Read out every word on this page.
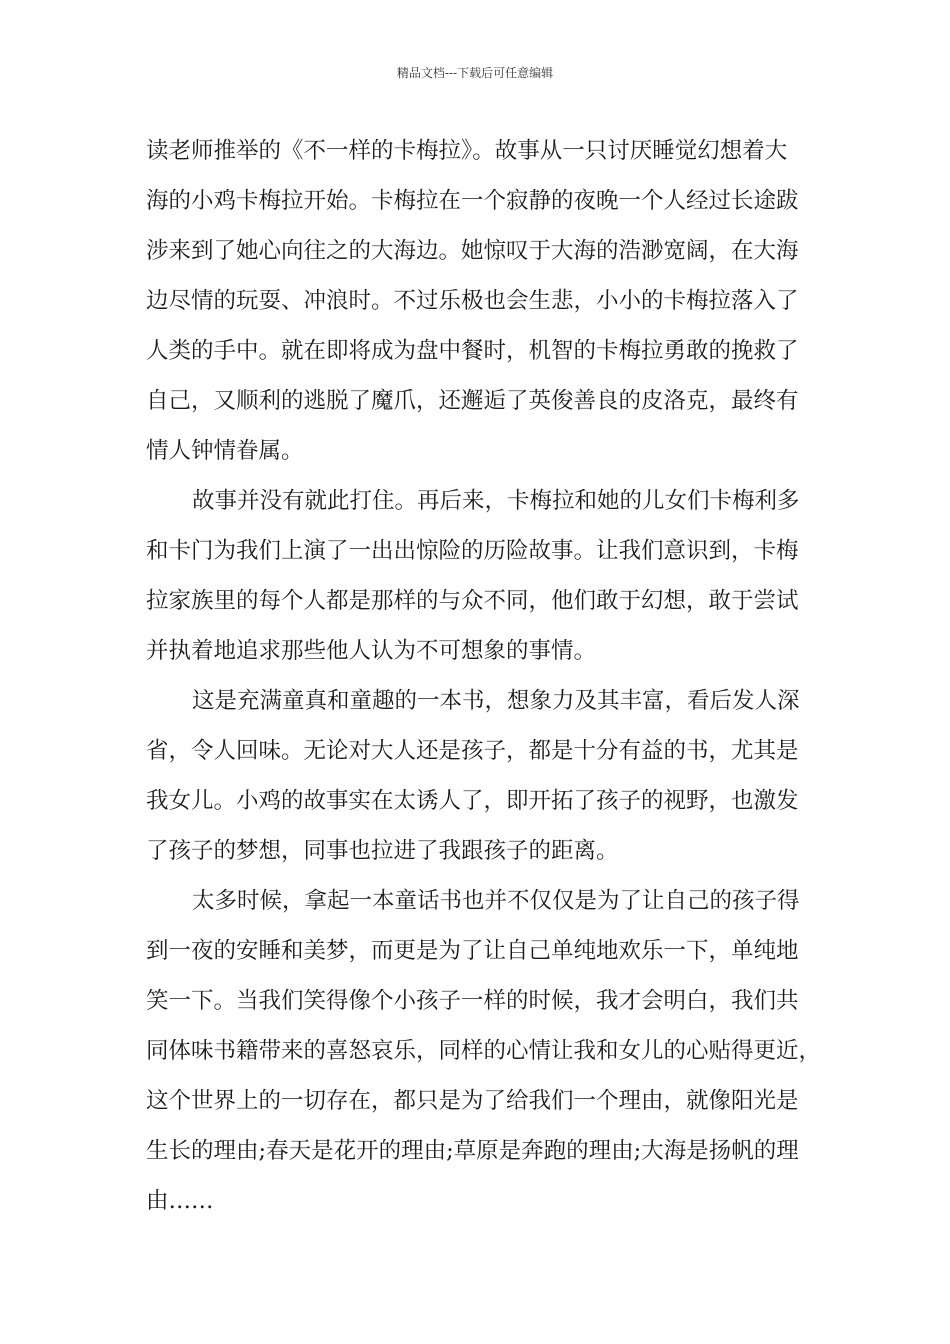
精品文档---下载后可任意编辑
读老师推举的《不一样的卡梅拉》。故事从一只讨厌睡觉幻想着大
海的小鸡卡梅拉开始。卡梅拉在一个寂静的夜晚一个人经过长途跋
涉来到了她心向往之的大海边。她惊叹于大海的浩渺宽阔，在大海
边尽情的玩耍、冲浪时。不过乐极也会生悲，小小的卡梅拉落入了
人类的手中。就在即将成为盘中餐时，机智的卡梅拉勇敢的挽救了
自己，又顺利的逃脱了魔爪，还邂逅了英俊善良的皮洛克，最终有
情人钟情眷属。
故事并没有就此打住。再后来，卡梅拉和她的儿女们卡梅利多
和卡门为我们上演了一出出惊险的历险故事。让我们意识到，卡梅
拉家族里的每个人都是那样的与众不同，他们敢于幻想，敢于尝试
并执着地追求那些他人认为不可想象的事情。
这是充满童真和童趣的一本书，想象力及其丰富，看后发人深
省，令人回味。无论对大人还是孩子，都是十分有益的书，尤其是
我女儿。小鸡的故事实在太诱人了，即开拓了孩子的视野，也激发
了孩子的梦想，同事也拉进了我跟孩子的距离。
太多时候，拿起一本童话书也并不仅仅是为了让自己的孩子得
到一夜的安睡和美梦，而更是为了让自己单纯地欢乐一下，单纯地
笑一下。当我们笑得像个小孩子一样的时候，我才会明白，我们共
同体味书籍带来的喜怒哀乐，同样的心情让我和女儿的心贴得更近，
这个世界上的一切存在，都只是为了给我们一个理由，就像阳光是
生长的理由;春天是花开的理由;草原是奔跑的理由;大海是扬帆的理
由……
